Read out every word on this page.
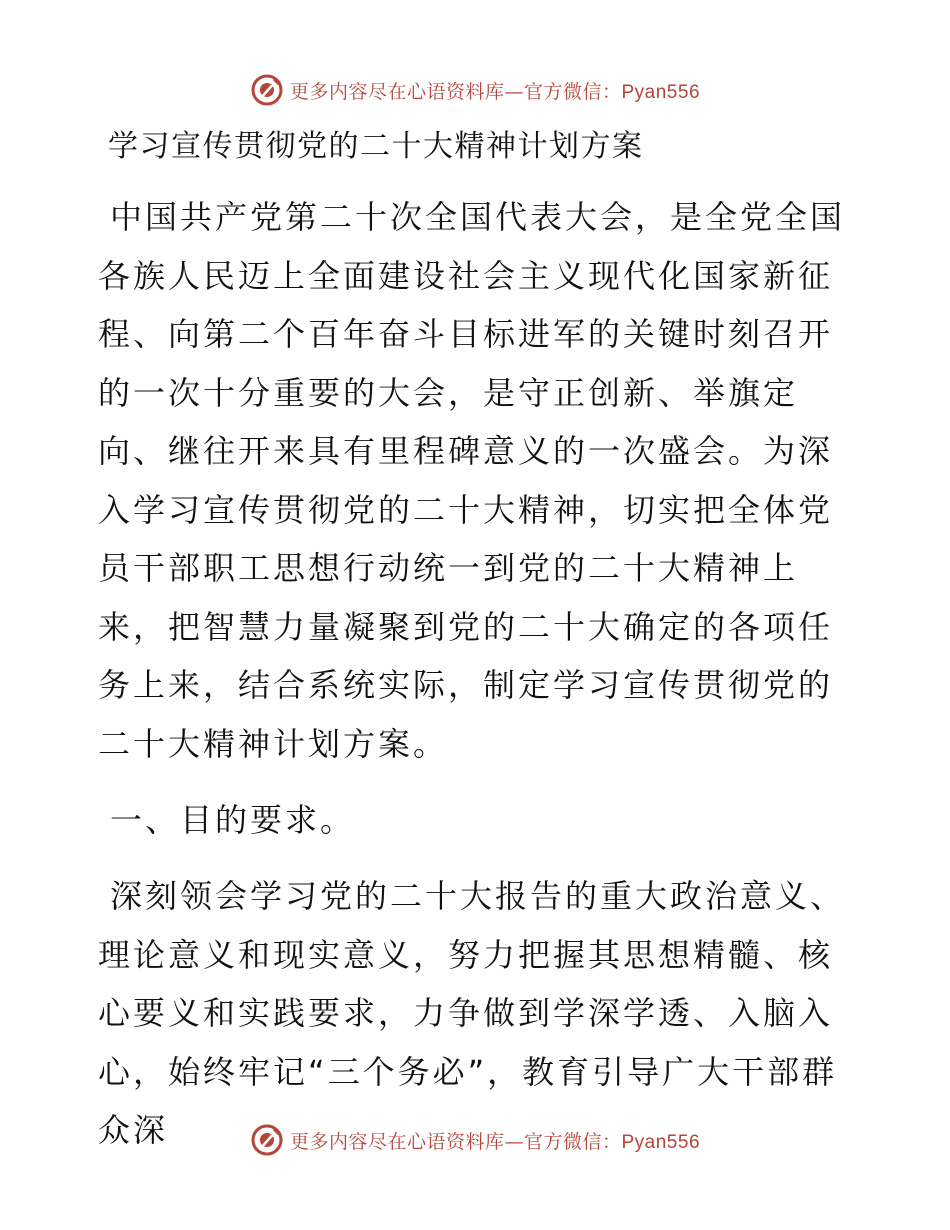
更多内容尽在心语资料库—官方微信：Pyan556
学习宣传贯彻党的二十大精神计划方案

中国共产党第二十次全国代表大会，是全党全国各族人民迈上全面建设社会主义现代化国家新征程、向第二个百年奋斗目标进军的关键时刻召开的一次十分重要的大会，是守正创新、举旗定向、继往开来具有里程碑意义的一次盛会。为深入学习宣传贯彻党的二十大精神，切实把全体党员干部职工思想行动统一到党的二十大精神上来，把智慧力量凝聚到党的二十大确定的各项任务上来，结合系统实际，制定学习宣传贯彻党的二十大精神计划方案。

一、目的要求。

深刻领会学习党的二十大报告的重大政治意义、理论意义和现实意义，努力把握其思想精髓、核心要义和实践要求，力争做到学深学透、入脑入心，始终牢记“三个务必”，教育引导广大干部群众深	更多内容尽在心语资料库—官方微信：Pyan556
